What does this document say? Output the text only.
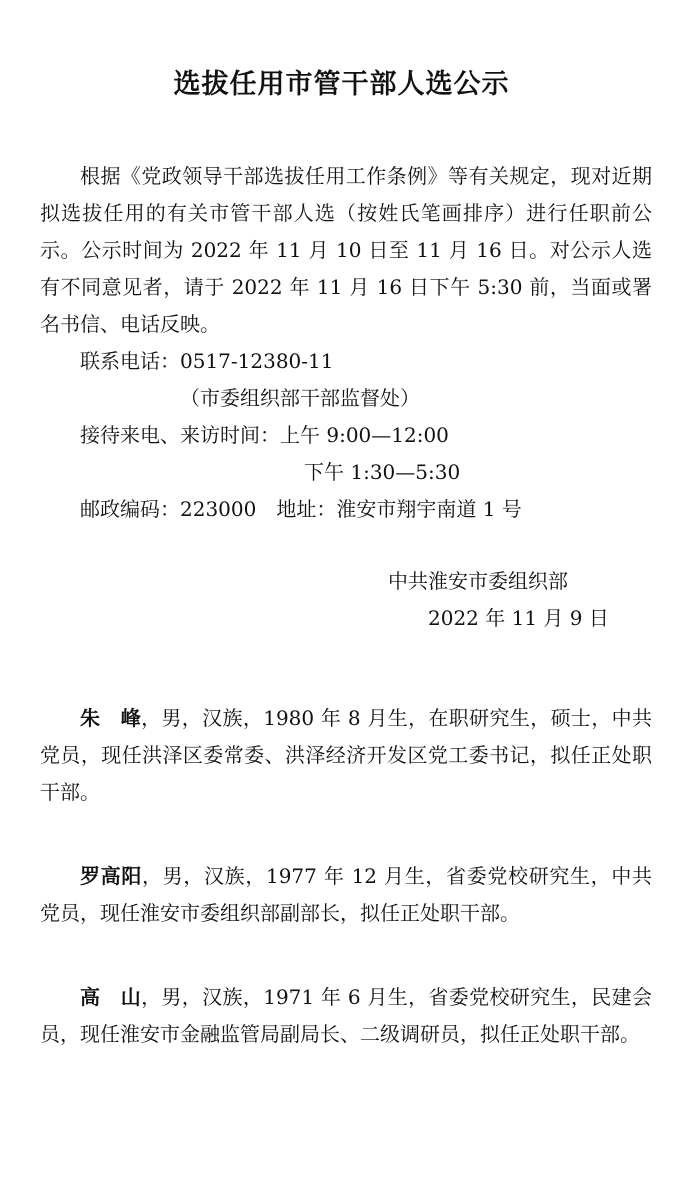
选拔任用市管干部人选公示
根据《党政领导干部选拔任用工作条例》等有关规定，现对近期拟选拔任用的有关市管干部人选（按姓氏笔画排序）进行任职前公示。公示时间为 2022 年 11 月 10 日至 11 月 16 日。对公示人选有不同意见者，请于 2022 年 11 月 16 日下午 5:30 前，当面或署名书信、电话反映。
联系电话：0517-12380-11
（市委组织部干部监督处）
接待来电、来访时间：上午 9:00—12:00
下午 1:30—5:30
邮政编码：223000　地址：淮安市翔宇南道 1 号
中共淮安市委组织部
2022 年 11 月 9 日
朱　峰，男，汉族，1980 年 8 月生，在职研究生，硕士，中共党员，现任洪泽区委常委、洪泽经济开发区党工委书记，拟任正处职干部。
罗高阳，男，汉族，1977 年 12 月生，省委党校研究生，中共党员，现任淮安市委组织部副部长，拟任正处职干部。
高　山，男，汉族，1971 年 6 月生，省委党校研究生，民建会员，现任淮安市金融监管局副局长、二级调研员，拟任正处职干部。
